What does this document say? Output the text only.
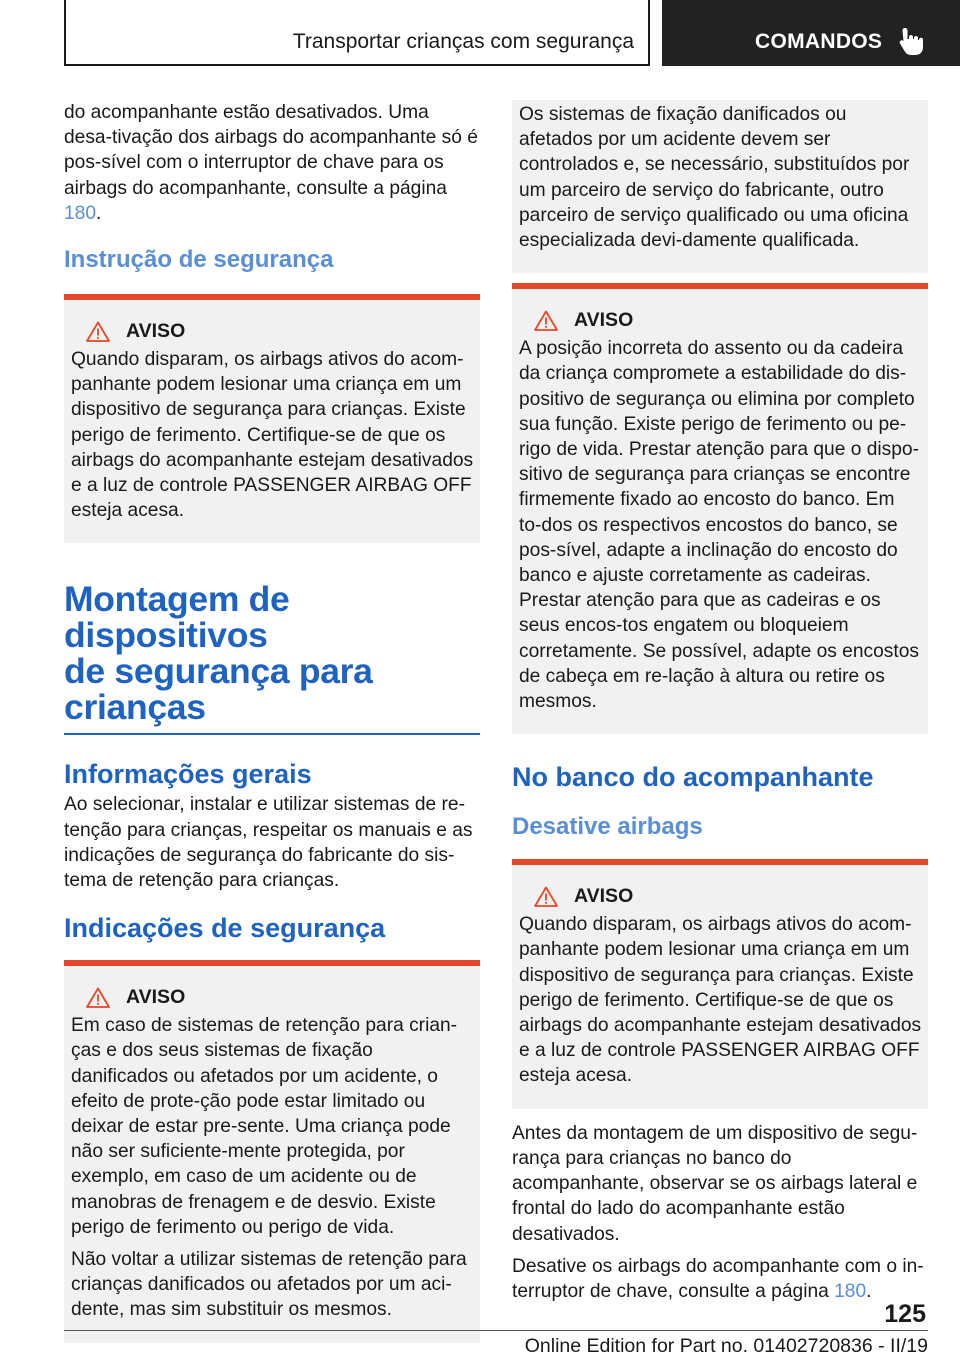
Transportar crianças com segurança	COMANDOS

do acompanhante estão desativados. Uma desa-tivação dos airbags do acompanhante só é pos-sível com o interruptor de chave para os airbags do acompanhante, consulte a página 180.

Instrução de segurança
AVISO

Quando disparam, os airbags ativos do acom-panhante podem lesionar uma criança em um dispositivo de segurança para crianças. Existe perigo de ferimento. Certifique-se de que os airbags do acompanhante estejam desativados e a luz de controle PASSENGER AIRBAG OFF esteja acesa.

Montagem de dispositivos
de segurança para crianças
Informações gerais

Ao selecionar, instalar e utilizar sistemas de re-tenção para crianças, respeitar os manuais e as indicações de segurança do fabricante do sis-tema de retenção para crianças.

Indicações de segurança
AVISO

Em caso de sistemas de retenção para crian-ças e dos seus sistemas de fixação danificados ou afetados por um acidente, o efeito de prote-ção pode estar limitado ou deixar de estar pre-sente. Uma criança pode não ser suficiente-mente protegida, por exemplo, em caso de um acidente ou de manobras de frenagem e de desvio. Existe perigo de ferimento ou perigo de vida.

Não voltar a utilizar sistemas de retenção para crianças danificados ou afetados por um aci-dente, mas sim substituir os mesmos.

Os sistemas de fixação danificados ou afetados por um acidente devem ser controlados e, se necessário, substituídos por um parceiro de serviço do fabricante, outro parceiro de serviço qualificado ou uma oficina especializada devi-damente qualificada.

AVISO

A posição incorreta do assento ou da cadeira da criança compromete a estabilidade do dis-positivo de segurança ou elimina por completo sua função. Existe perigo de ferimento ou pe-rigo de vida. Prestar atenção para que o dispo-sitivo de segurança para crianças se encontre firmemente fixado ao encosto do banco. Em to-dos os respectivos encostos do banco, se pos-sível, adapte a inclinação do encosto do banco e ajuste corretamente as cadeiras. Prestar atenção para que as cadeiras e os seus encos-tos engatem ou bloqueiem corretamente. Se possível, adapte os encostos de cabeça em re-lação à altura ou retire os mesmos.

No banco do acompanhante
Desative airbags
AVISO

Quando disparam, os airbags ativos do acom-panhante podem lesionar uma criança em um dispositivo de segurança para crianças. Existe perigo de ferimento. Certifique-se de que os airbags do acompanhante estejam desativados e a luz de controle PASSENGER AIRBAG OFF esteja acesa.

Antes da montagem de um dispositivo de segu-rança para crianças no banco do acompanhante, observar se os airbags lateral e frontal do lado do acompanhante estão desativados.

Desative os airbags do acompanhante com o in-terruptor de chave, consulte a página 180.

125
Online Edition for Part no. 01402720836 - II/19
